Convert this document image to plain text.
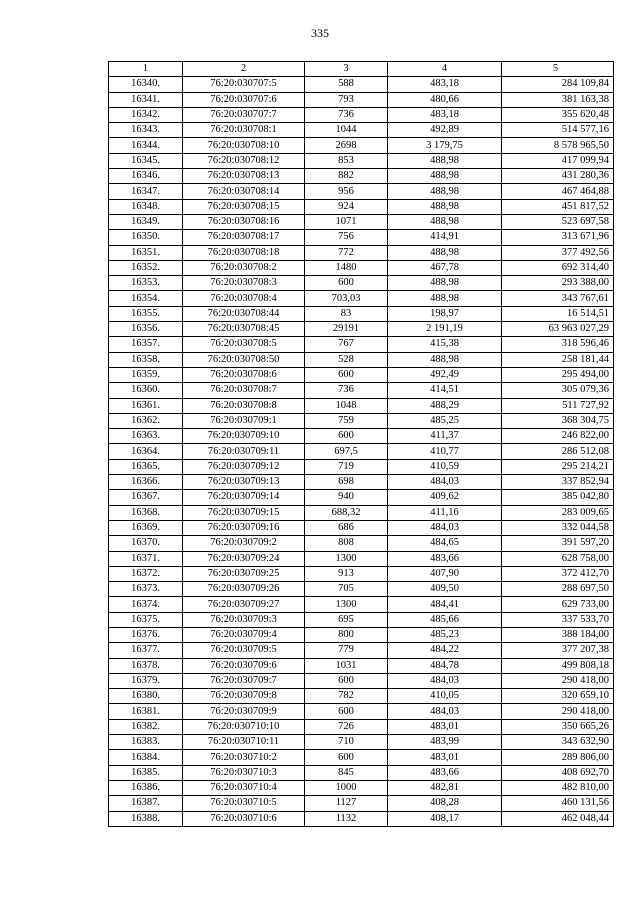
335
1	2	3	4	5
16340.	76:20:030707:5	588	483,18	284 109,84
16341.	76:20:030707:6	793	480,66	381 163,38
16342.	76:20:030707:7	736	483,18	355 620,48
16343.	76:20:030708:1	1044	492,89	514 577,16
16344.	76:20:030708:10	2698	3 179,75	8 578 965,50
16345.	76:20:030708:12	853	488,98	417 099,94
16346.	76:20:030708:13	882	488,98	431 280,36
16347.	76:20:030708:14	956	488,98	467 464,88
16348.	76:20:030708:15	924	488,98	451 817,52
16349.	76:20:030708:16	1071	488,98	523 697,58
16350.	76:20:030708:17	756	414,91	313 671,96
16351.	76:20:030708:18	772	488,98	377 492,56
16352.	76:20:030708:2	1480	467,78	692 314,40
16353.	76:20:030708:3	600	488,98	293 388,00
16354.	76:20:030708:4	703,03	488,98	343 767,61
16355.	76:20:030708:44	83	198,97	16 514,51
16356.	76:20:030708:45	29191	2 191,19	63 963 027,29
16357.	76:20:030708:5	767	415,38	318 596,46
16358.	76:20:030708:50	528	488,98	258 181,44
16359.	76:20:030708:6	600	492,49	295 494,00
16360.	76:20:030708:7	736	414,51	305 079,36
16361.	76:20:030708:8	1048	488,29	511 727,92
16362.	76:20:030709:1	759	485,25	368 304,75
16363.	76:20:030709:10	600	411,37	246 822,00
16364.	76:20:030709:11	697,5	410,77	286 512,08
16365.	76:20:030709:12	719	410,59	295 214,21
16366.	76:20:030709:13	698	484,03	337 852,94
16367.	76:20:030709:14	940	409,62	385 042,80
16368.	76:20:030709:15	688,32	411,16	283 009,65
16369.	76:20:030709:16	686	484,03	332 044,58
16370.	76:20:030709:2	808	484,65	391 597,20
16371.	76:20:030709:24	1300	483,66	628 758,00
16372.	76:20:030709:25	913	407,90	372 412,70
16373.	76:20:030709:26	705	409,50	288 697,50
16374.	76:20:030709:27	1300	484,41	629 733,00
16375.	76:20:030709:3	695	485,66	337 533,70
16376.	76:20:030709:4	800	485,23	388 184,00
16377.	76:20:030709:5	779	484,22	377 207,38
16378.	76:20:030709:6	1031	484,78	499 808,18
16379.	76:20:030709:7	600	484,03	290 418,00
16380.	76:20:030709:8	782	410,05	320 659,10
16381.	76:20:030709:9	600	484,03	290 418,00
16382.	76:20:030710:10	726	483,01	350 665,26
16383.	76:20:030710:11	710	483,99	343 632,90
16384.	76:20:030710:2	600	483,01	289 806,00
16385.	76:20:030710:3	845	483,66	408 692,70
16386.	76:20:030710:4	1000	482,81	482 810,00
16387.	76:20:030710:5	1127	408,28	460 131,56
16388.	76:20:030710:6	1132	408,17	462 048,44
